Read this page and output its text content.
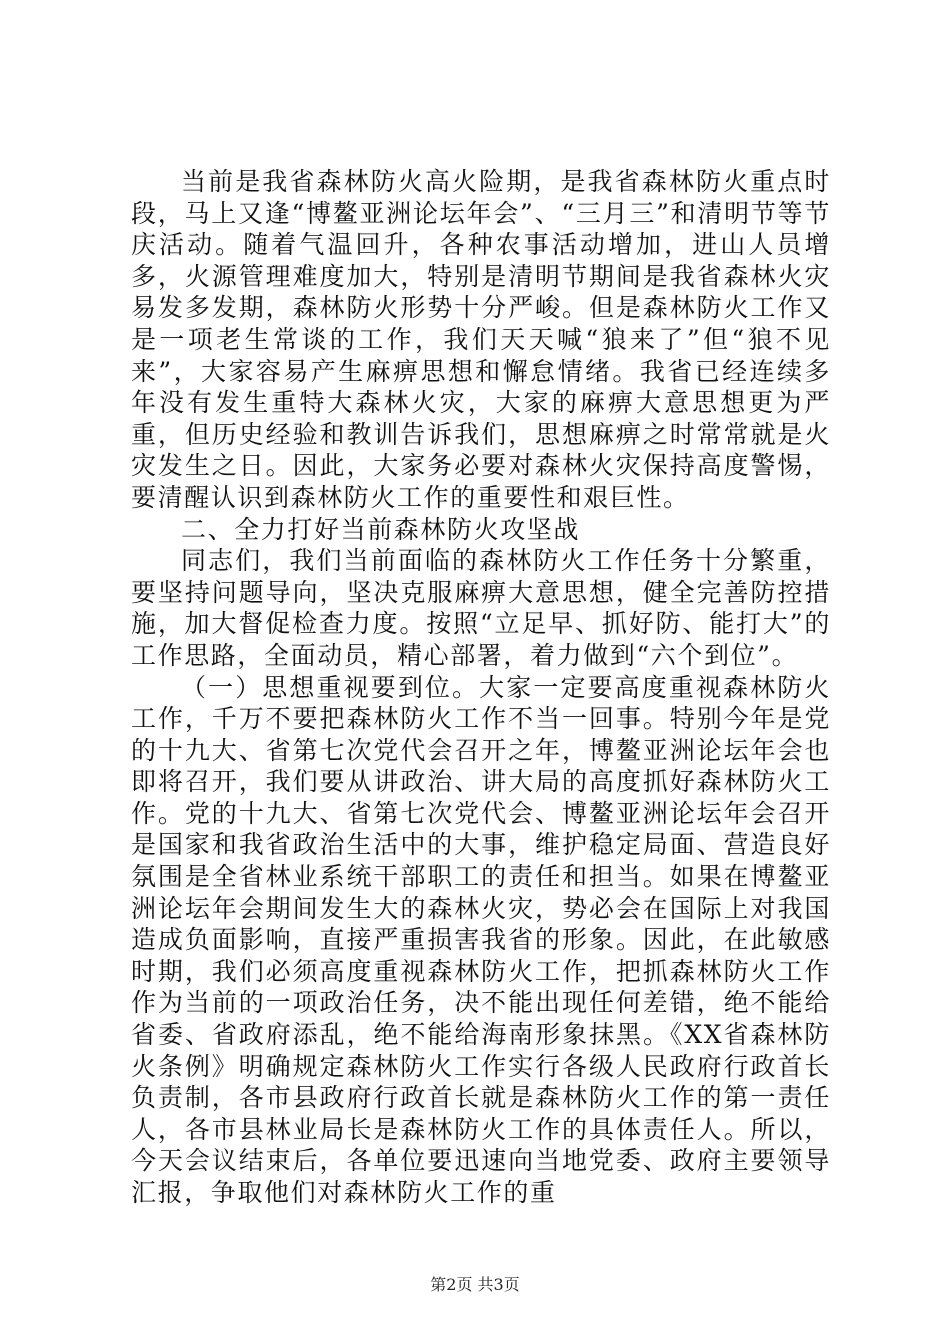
当前是我省森林防火高火险期，是我省森林防火重点时段，马上又逢“博鳌亚洲论坛年会”、“三月三”和清明节等节庆活动。随着气温回升，各种农事活动增加，进山人员增多，火源管理难度加大，特别是清明节期间是我省森林火灾易发多发期，森林防火形势十分严峻。但是森林防火工作又是一项老生常谈的工作，我们天天喊“狼来了”但“狼不见来”，大家容易产生麻痹思想和懈怠情绪。我省已经连续多年没有发生重特大森林火灾，大家的麻痹大意思想更为严重，但历史经验和教训告诉我们，思想麻痹之时常常就是火灾发生之日。因此，大家务必要对森林火灾保持高度警惕，要清醒认识到森林防火工作的重要性和艰巨性。

二、全力打好当前森林防火攻坚战

同志们，我们当前面临的森林防火工作任务十分繁重，要坚持问题导向，坚决克服麻痹大意思想，健全完善防控措施，加大督促检查力度。按照“立足早、抓好防、能打大”的工作思路，全面动员，精心部署，着力做到“六个到位”。

（一）思想重视要到位。大家一定要高度重视森林防火工作，千万不要把森林防火工作不当一回事。特别今年是党的十九大、省第七次党代会召开之年，博鳌亚洲论坛年会也即将召开，我们要从讲政治、讲大局的高度抓好森林防火工作。党的十九大、省第七次党代会、博鳌亚洲论坛年会召开是国家和我省政治生活中的大事，维护稳定局面、营造良好氛围是全省林业系统干部职工的责任和担当。如果在博鳌亚洲论坛年会期间发生大的森林火灾，势必会在国际上对我国造成负面影响，直接严重损害我省的形象。因此，在此敏感时期，我们必须高度重视森林防火工作，把抓森林防火工作作为当前的一项政治任务，决不能出现任何差错，绝不能给省委、省政府添乱，绝不能给海南形象抹黑。《XX省森林防火条例》明确规定森林防火工作实行各级人民政府行政首长负责制，各市县政府行政首长就是森林防火工作的第一责任人，各市县林业局长是森林防火工作的具体责任人。所以，今天会议结束后，各单位要迅速向当地党委、政府主要领导汇报，争取他们对森林防火工作的重

第2页 共3页
